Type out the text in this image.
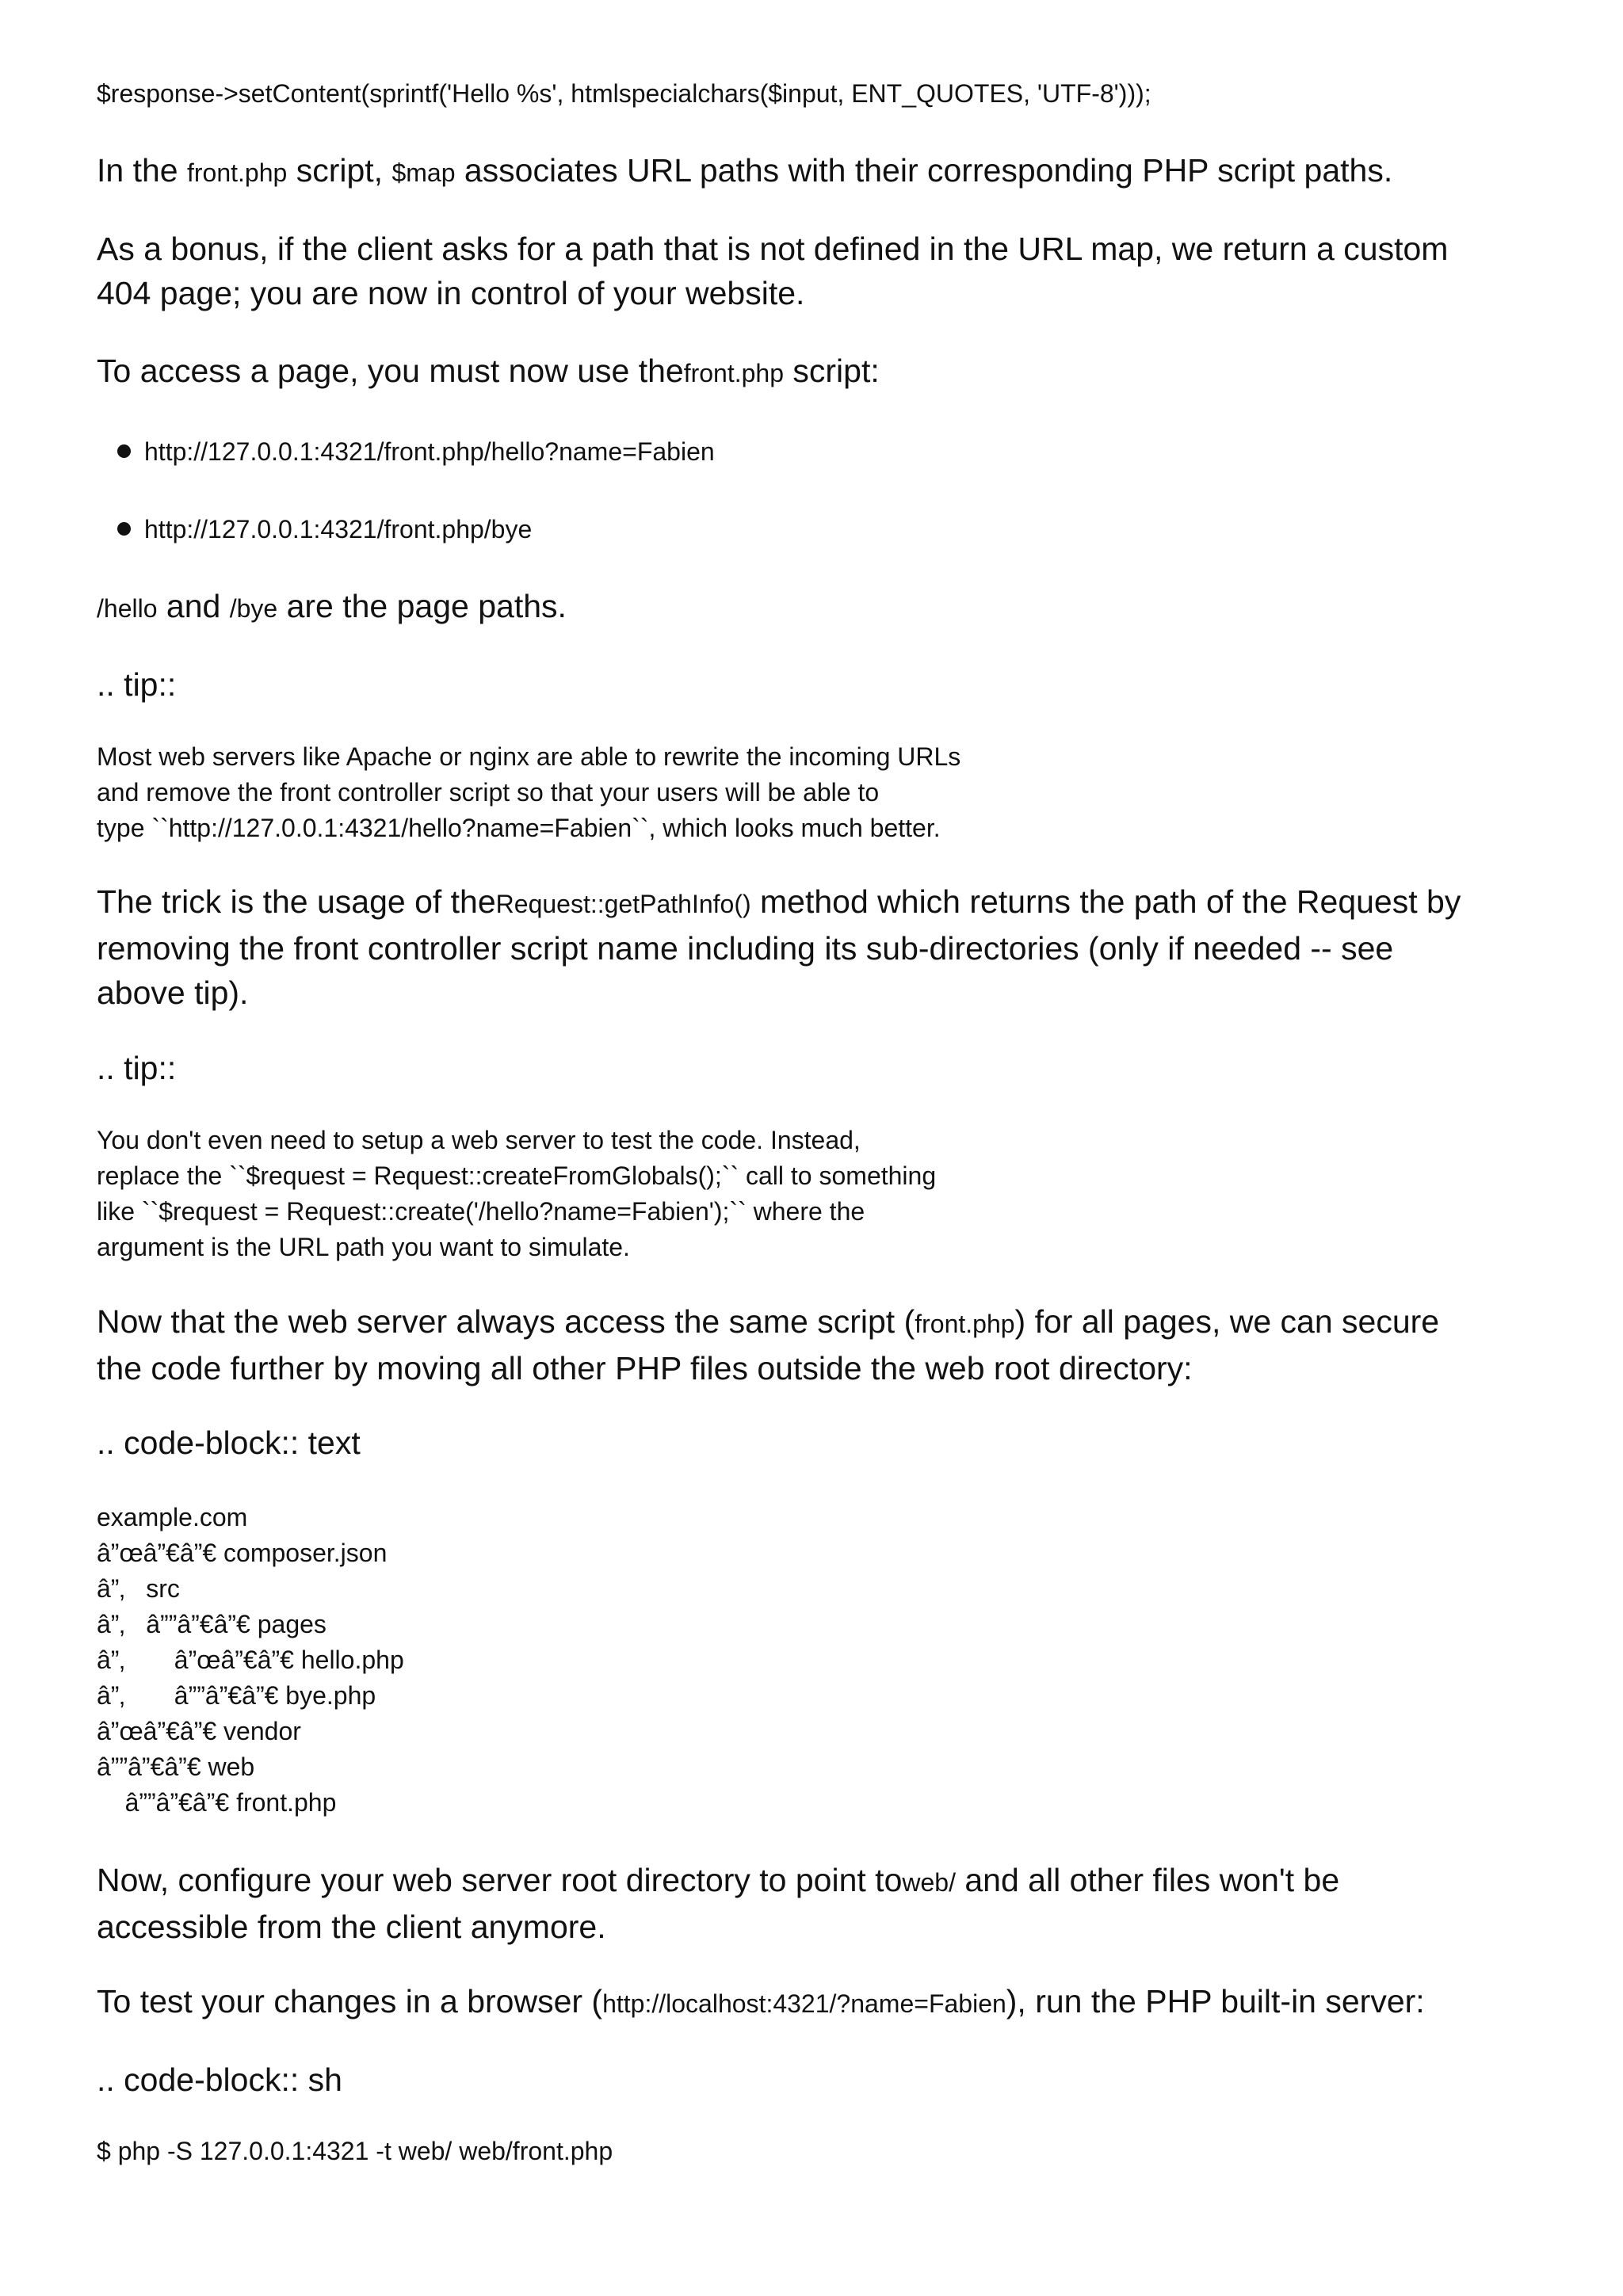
$response->setContent(sprintf('Hello %s', htmlspecialchars($input, ENT_QUOTES, 'UTF-8')));
In the front.php script, $map associates URL paths with their corresponding PHP script paths.
As a bonus, if the client asks for a path that is not defined in the URL map, we return a custom
404 page; you are now in control of your website.
To access a page, you must now use thefront.php script:
http://127.0.0.1:4321/front.php/hello?name=Fabien
http://127.0.0.1:4321/front.php/bye
/hello and /bye are the page paths.
.. tip::
Most web servers like Apache or nginx are able to rewrite the incoming URLs
and remove the front controller script so that your users will be able to
type ``http://127.0.0.1:4321/hello?name=Fabien``, which looks much better.
The trick is the usage of theRequest::getPathInfo() method which returns the path of the Request by
removing the front controller script name including its sub-directories (only if needed -- see
above tip).
.. tip::
You don't even need to setup a web server to test the code. Instead,
replace the ``$request = Request::createFromGlobals();`` call to something
like ``$request = Request::create('/hello?name=Fabien');`` where the
argument is the URL path you want to simulate.
Now that the web server always access the same script (front.php) for all pages, we can secure
the code further by moving all other PHP files outside the web root directory:
.. code-block:: text
example.com
â”œâ”€â”€ composer.json
â”‚   src
â”‚   â””â”€â”€ pages
â”‚       â”œâ”€â”€ hello.php
â”‚       â””â”€â”€ bye.php
â”œâ”€â”€ vendor
â””â”€â”€ web
â””â”€â”€ front.php
Now, configure your web server root directory to point toweb/ and all other files won't be
accessible from the client anymore.
To test your changes in a browser (http://localhost:4321/?name=Fabien), run the PHP built-in server:
.. code-block:: sh
$ php -S 127.0.0.1:4321 -t web/ web/front.php
